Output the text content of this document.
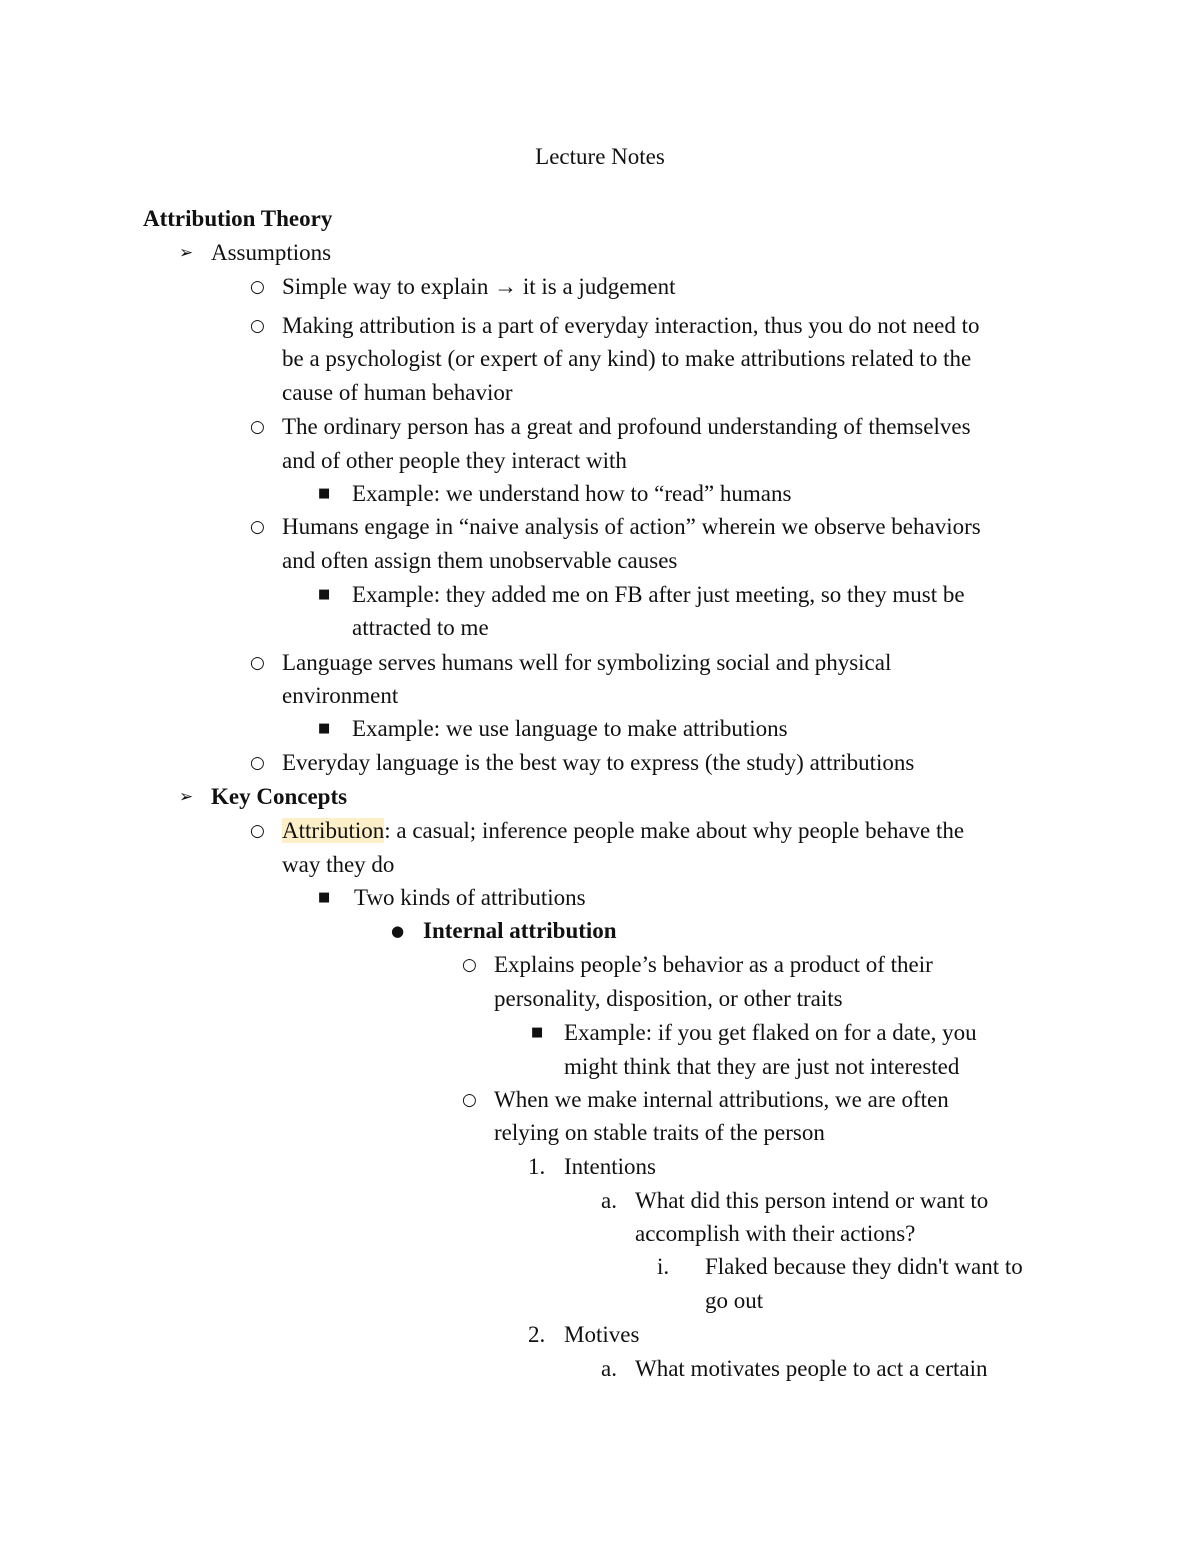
Lecture Notes
Attribution Theory
➢ Assumptions
○ Simple way to explain → it is a judgement
○ Making attribution is a part of everyday interaction, thus you do not need to
be a psychologist (or expert of any kind) to make attributions related to the
cause of human behavior
○ The ordinary person has a great and profound understanding of themselves
and of other people they interact with
■ Example: we understand how to “read” humans
○ Humans engage in “naive analysis of action” wherein we observe behaviors
and often assign them unobservable causes
■ Example: they added me on FB after just meeting, so they must be
attracted to me
○ Language serves humans well for symbolizing social and physical
environment
■ Example: we use language to make attributions
○ Everyday language is the best way to express (the study) attributions
➢ Key Concepts
○ Attribution: a casual; inference people make about why people behave the
way they do
■ Two kinds of attributions
● Internal attribution
○ Explains people’s behavior as a product of their
personality, disposition, or other traits
■ Example: if you get flaked on for a date, you
might think that they are just not interested
○ When we make internal attributions, we are often
relying on stable traits of the person
1. Intentions
a. What did this person intend or want to
accomplish with their actions?
i. Flaked because they didn't want to
go out
2. Motives
a. What motivates people to act a certain
